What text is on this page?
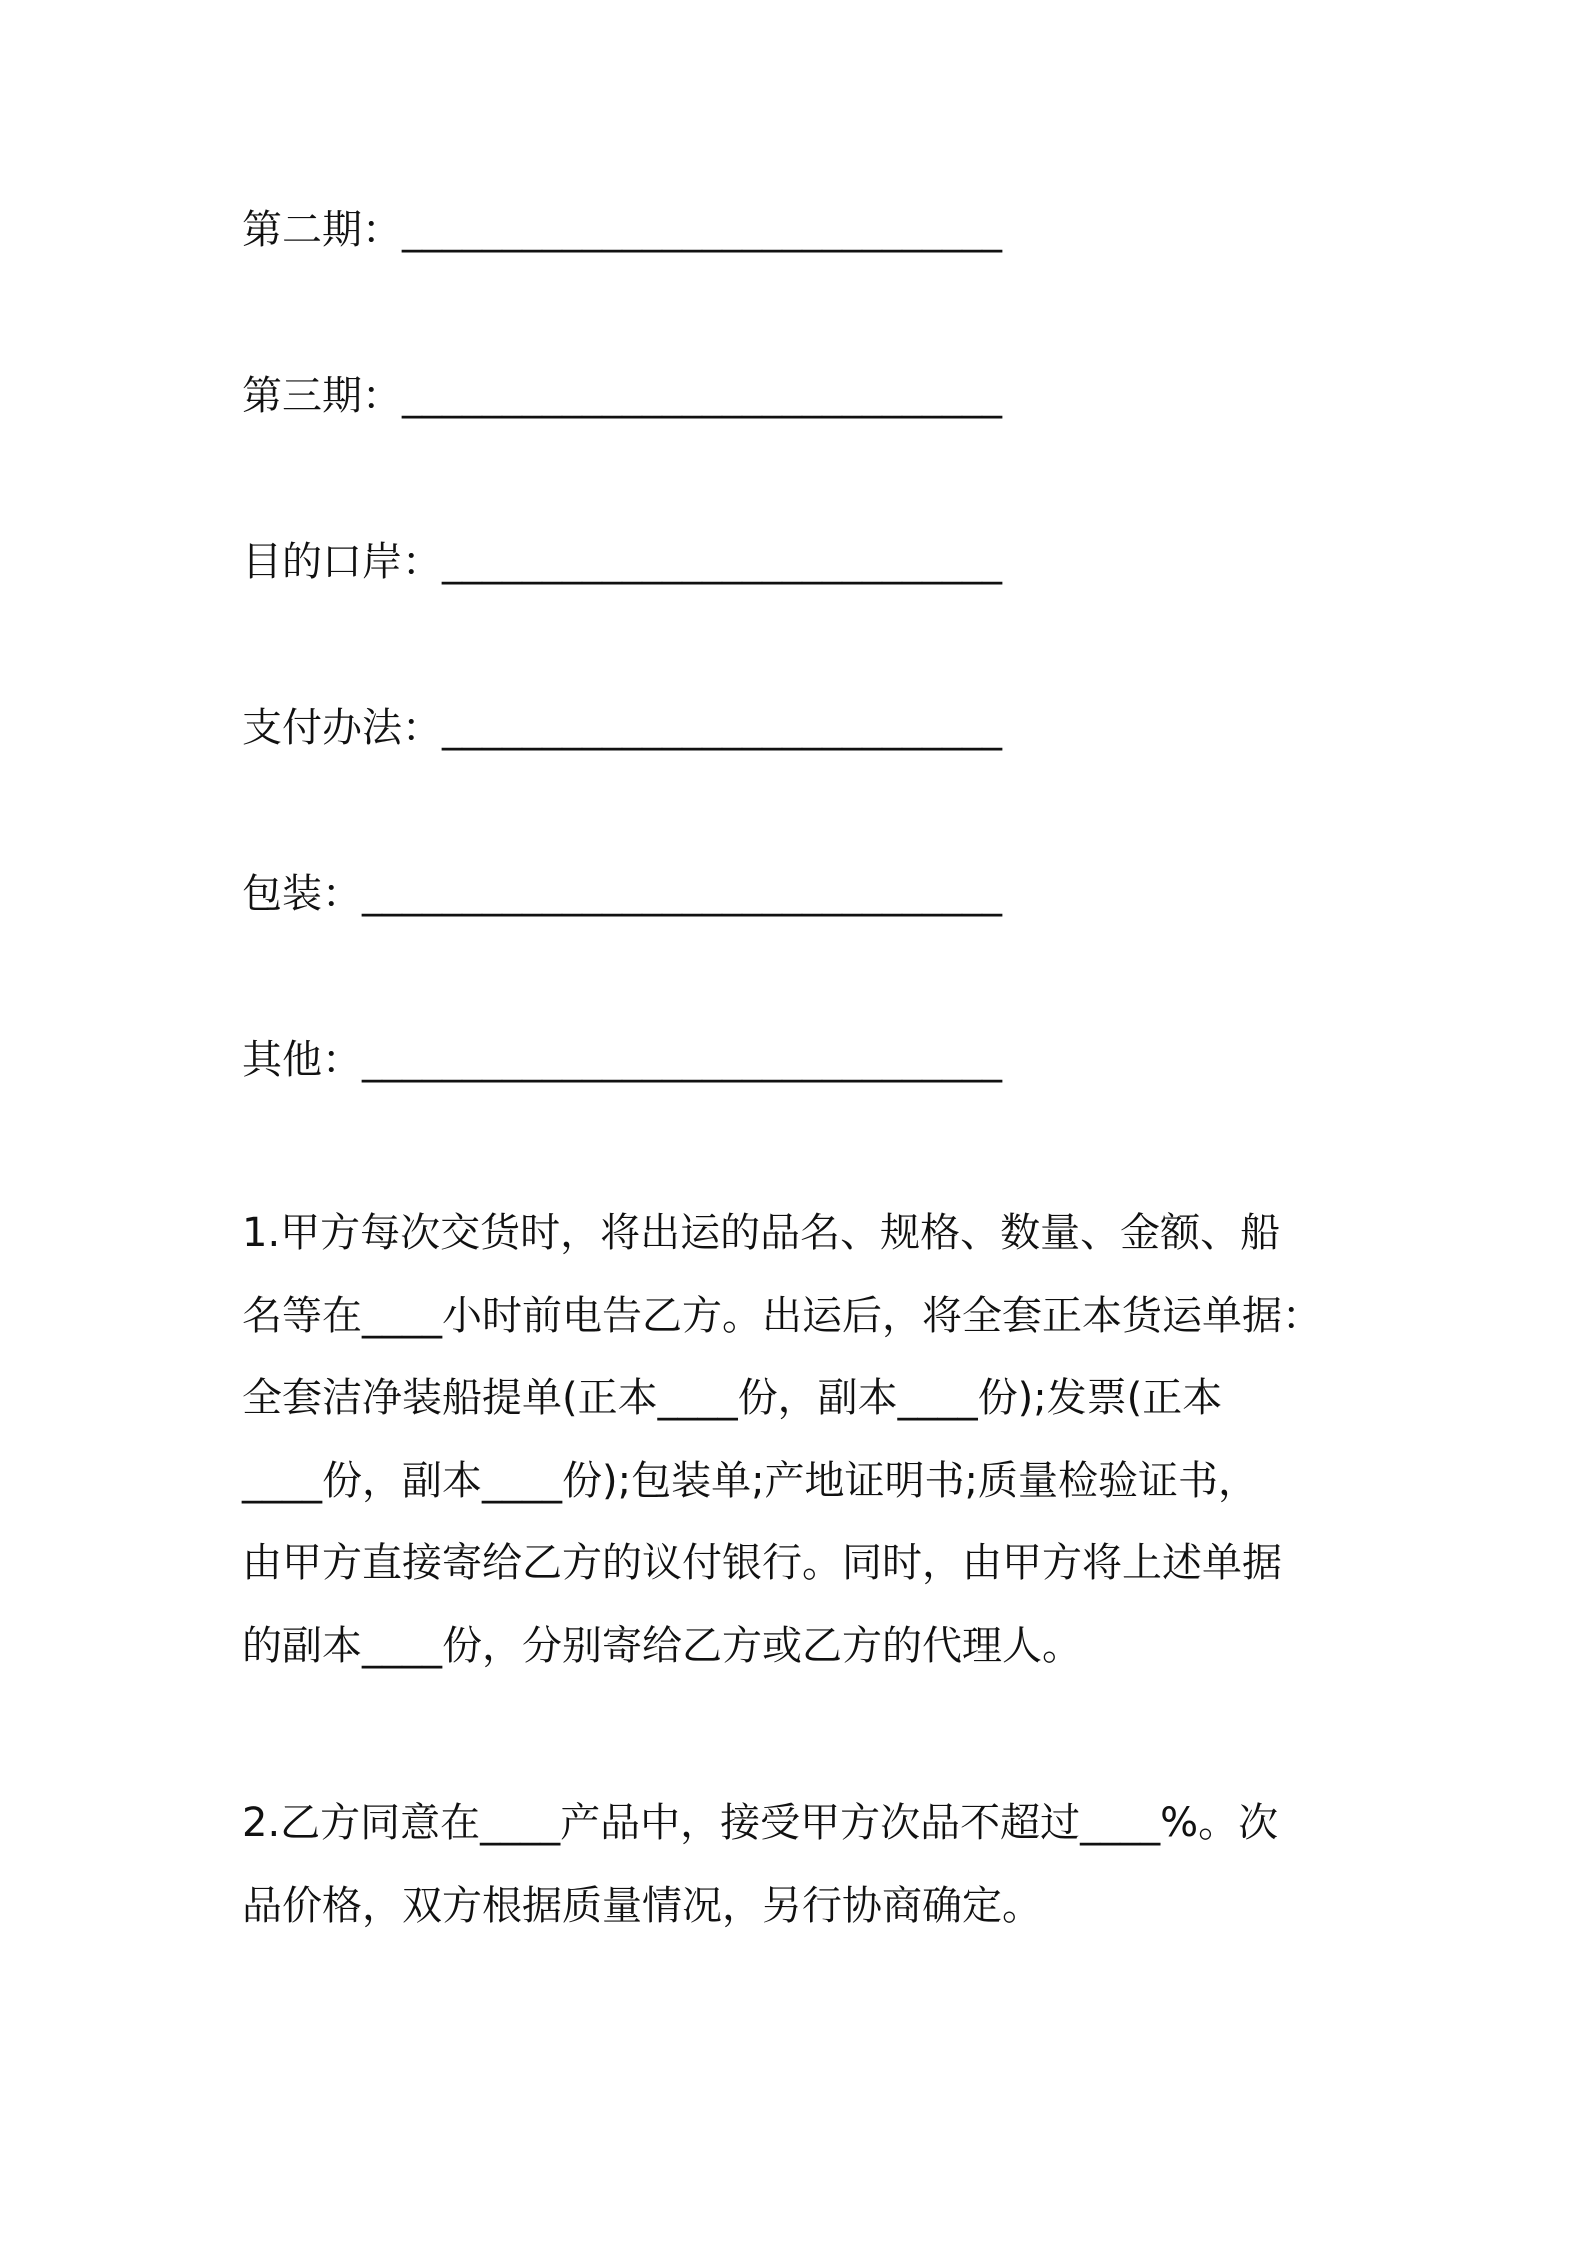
第二期：______________________________
第三期：______________________________
目的口岸：____________________________
支付办法：____________________________
包装：________________________________
其他：________________________________
1.甲方每次交货时，将出运的品名、规格、数量、金额、船
名等在____小时前电告乙方。出运后，将全套正本货运单据：
全套洁净装船提单(正本____份，副本____份);发票(正本
____份，副本____份);包装单;产地证明书;质量检验证书，
由甲方直接寄给乙方的议付银行。同时，由甲方将上述单据
的副本____份，分别寄给乙方或乙方的代理人。
2.乙方同意在____产品中，接受甲方次品不超过____%。次
品价格，双方根据质量情况，另行协商确定。
